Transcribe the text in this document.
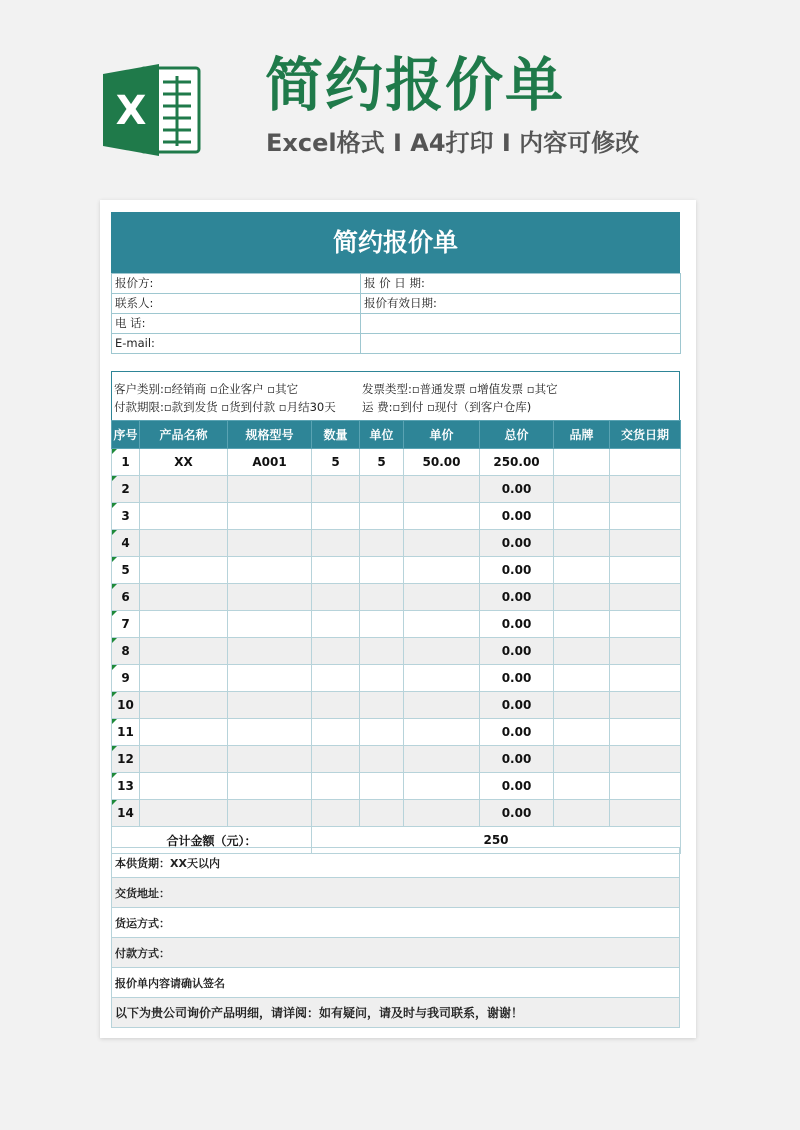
X 简约报价单
Excel格式 I A4打印 I 内容可修改
简约报价单
报价方:	报 价 日 期:
联系人:	报价有效日期:
电 话:	
E-mail:	
客户类别:▫经销商 ▫企业客户 ▫其它	发票类型:▫普通发票 ▫增值发票 ▫其它
付款期限:▫款到发货 ▫货到付款 ▫月结30天 运 费:▫到付 ▫现付（到客户仓库)
序号	产品名称	规格型号	数量	单位	单价	总价	品牌	交货日期
1	XX	A001	5	5	50.00	250.00		
2						0.00		
3						0.00		
4						0.00		
5						0.00		
6						0.00		
7						0.00		
8						0.00		
9						0.00		
10						0.00		
11						0.00		
12						0.00		
13						0.00		
14						0.00		
合计金额（元）：			250					
本供货期：XX天以内
交货地址：
货运方式：
付款方式：
报价单内容请确认签名
以下为贵公司询价产品明细，请详阅：如有疑问，请及时与我司联系，谢谢！
